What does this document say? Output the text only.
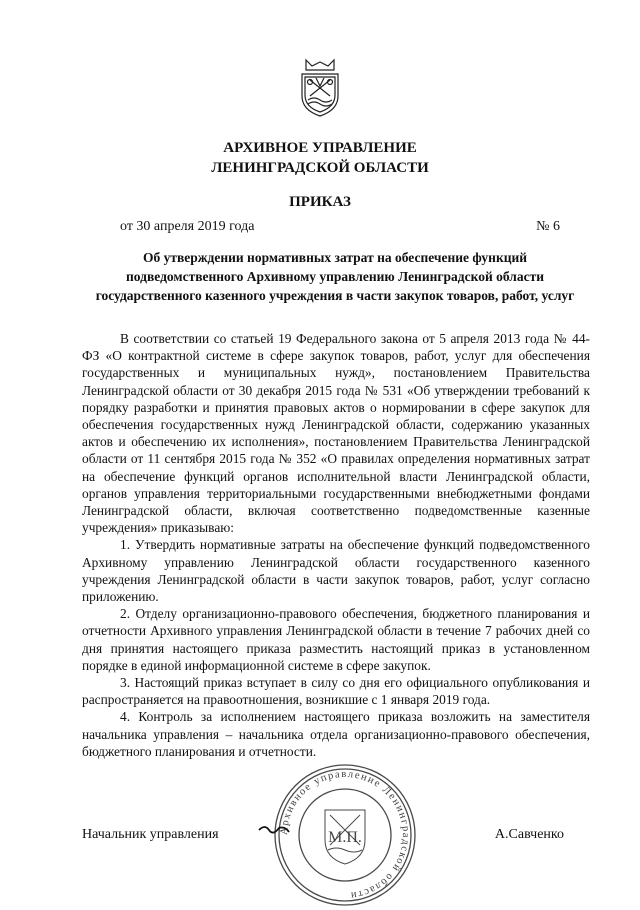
АРХИВНОЕ УПРАВЛЕНИЕ
ЛЕНИНГРАДСКОЙ ОБЛАСТИ
ПРИКАЗ
от 30 апреля 2019 года	№ 6
Об утверждении нормативных затрат на обеспечение функций
подведомственного Архивному управлению Ленинградской области
государственного казенного учреждения в части закупок товаров, работ, услуг

В соответствии со статьей 19 Федерального закона от 5 апреля 2013 года № 44-ФЗ «О контрактной системе в сфере закупок товаров, работ, услуг для обеспечения государственных и муниципальных нужд», постановлением Правительства Ленинградской области от 30 декабря 2015 года № 531 «Об утверждении требований к порядку разработки и принятия правовых актов о нормировании в сфере закупок для обеспечения государственных нужд Ленинградской области, содержанию указанных актов и обеспечению их исполнения», постановлением Правительства Ленинградской области от 11 сентября 2015 года № 352 «О правилах определения нормативных затрат на обеспечение функций органов исполнительной власти Ленинградской области, органов управления территориальными государственными внебюджетными фондами Ленинградской области, включая соответственно подведомственные казенные учреждения» приказываю:

1. Утвердить нормативные затраты на обеспечение функций подведомственного Архивному управлению Ленинградской области государственного казенного учреждения Ленинградской области в части закупок товаров, работ, услуг согласно приложению.

2. Отделу организационно-правового обеспечения, бюджетного планирования и отчетности Архивного управления Ленинградской области в течение 7 рабочих дней со дня принятия настоящего приказа разместить настоящий приказ в установленном порядке в единой информационной системе в сфере закупок.

3. Настоящий приказ вступает в силу со дня его официального опубликования и распространяется на правоотношения, возникшие с 1 января 2019 года.

4. Контроль за исполнением настоящего приказа возложить на заместителя начальника управления – начальника отдела организационно-правового обеспечения, бюджетного планирования и отчетности.

Архивное управление Ленинградской области
М.П.
Начальник управления	А.Савченко
